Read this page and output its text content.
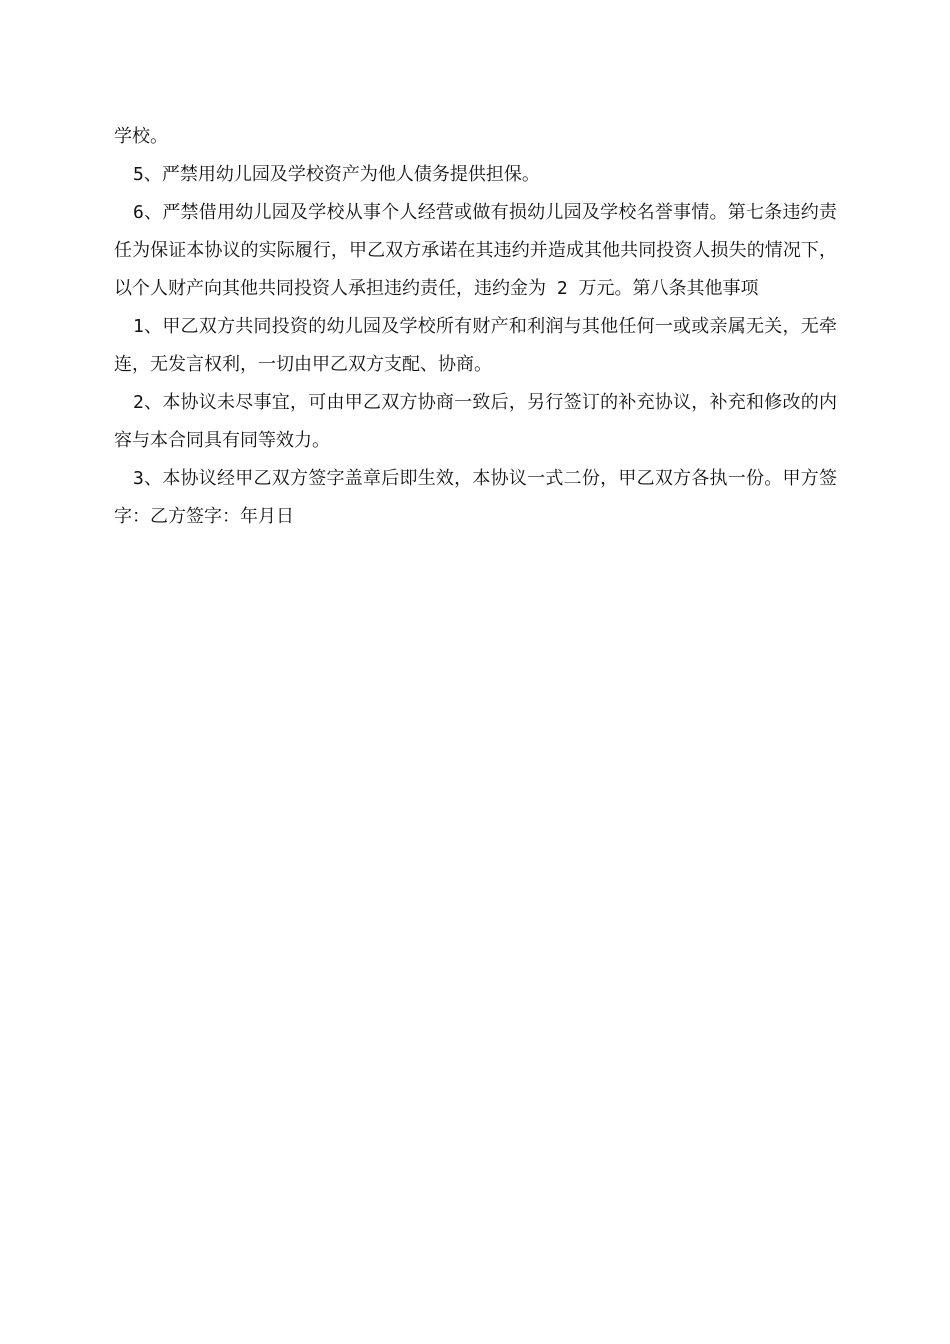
学校。

5、严禁用幼儿园及学校资产为他人债务提供担保。

6、严禁借用幼儿园及学校从事个人经营或做有损幼儿园及学校名誉事情。第七条违约责任为保证本协议的实际履行，甲乙双方承诺在其违约并造成其他共同投资人损失的情况下，以个人财产向其他共同投资人承担违约责任，违约金为 2 万元。第八条其他事项

1、甲乙双方共同投资的幼儿园及学校所有财产和利润与其他任何一或或亲属无关，无牵连，无发言权利，一切由甲乙双方支配、协商。

2、本协议未尽事宜，可由甲乙双方协商一致后，另行签订的补充协议，补充和修改的内容与本合同具有同等效力。

3、本协议经甲乙双方签字盖章后即生效，本协议一式二份，甲乙双方各执一份。甲方签字：乙方签字：年月日
